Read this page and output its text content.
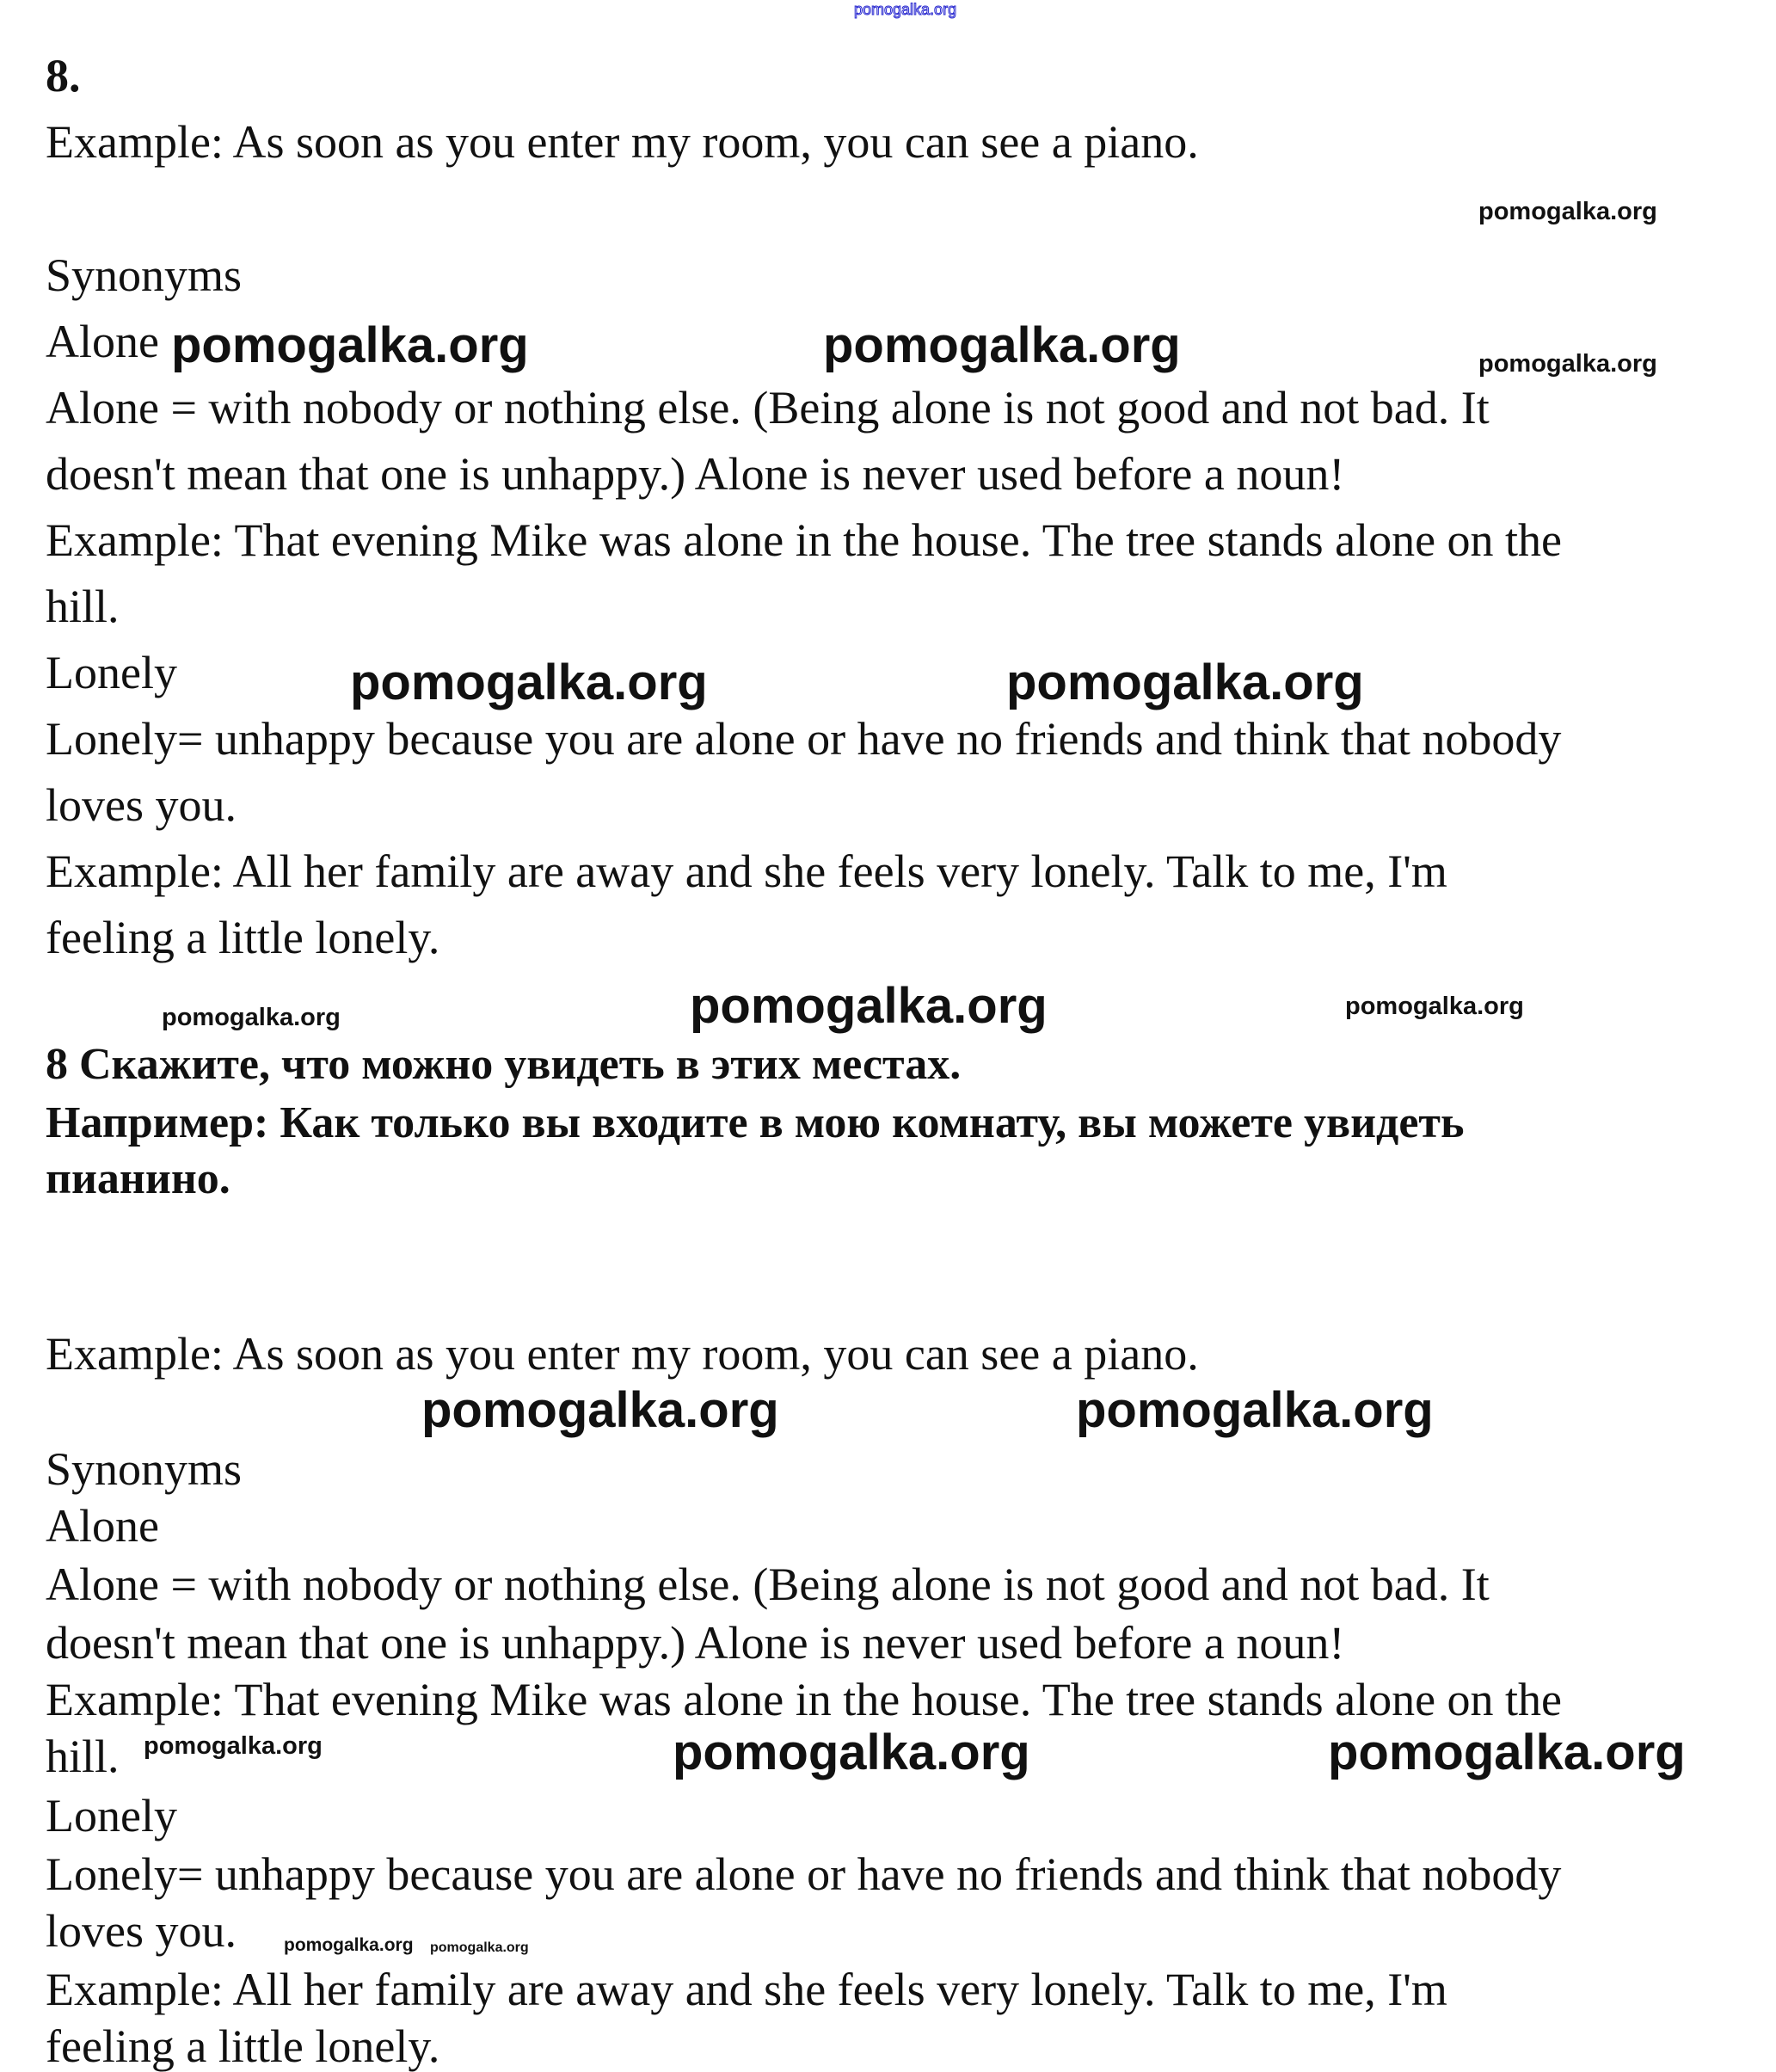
pomogalka.org
8.
Example: As soon as you enter my room, you can see a piano.
Synonyms
Alone
Alone = with nobody or nothing else. (Being alone is not good and not bad. It
doesn't mean that one is unhappy.) Alone is never used before a noun!
Example: That evening Mike was alone in the house. The tree stands alone on the
hill.
Lonely
Lonely= unhappy because you are alone or have no friends and think that nobody
loves you.
Example: All her family are away and she feels very lonely. Talk to me, I'm
feeling a little lonely.
8 Скажите, что можно увидеть в этих местах.
Например: Как только вы входите в мою комнату, вы можете увидеть
пианино.
Example: As soon as you enter my room, you can see a piano.
Synonyms
Alone
Alone = with nobody or nothing else. (Being alone is not good and not bad. It
doesn't mean that one is unhappy.) Alone is never used before a noun!
Example: That evening Mike was alone in the house. The tree stands alone on the
hill.
Lonely
Lonely= unhappy because you are alone or have no friends and think that nobody
loves you.
Example: All her family are away and she feels very lonely. Talk to me, I'm
feeling a little lonely.
pomogalka.org	pomogalka.org
pomogalka.org	pomogalka.org
pomogalka.org
pomogalka.org	pomogalka.org
pomogalka.org	pomogalka.org
pomogalka.org
pomogalka.org
pomogalka.org
pomogalka.org
pomogalka.org
pomogalka.org pomogalka.org
